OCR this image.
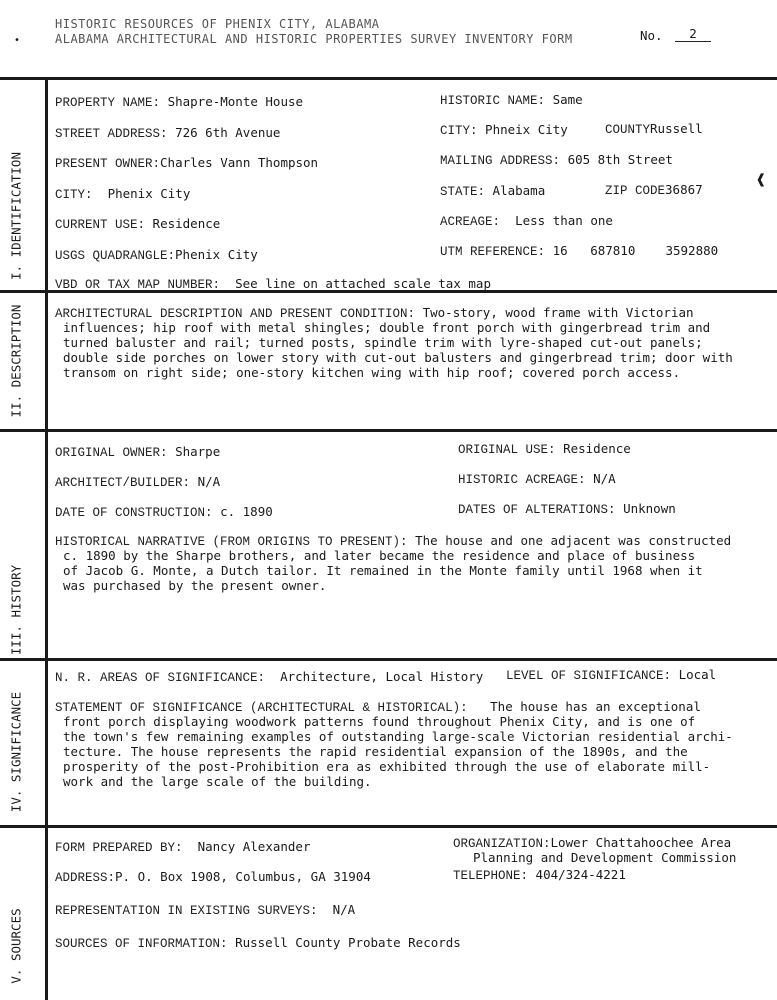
HISTORIC RESOURCES OF PHENIX CITY, ALABAMA
ALABAMA ARCHITECTURAL AND HISTORIC PROPERTIES SURVEY INVENTORY FORM
•	No.	2
I. IDENTIFICATION
II. DESCRIPTION
III. HISTORY
IV. SIGNIFICANCE
V. SOURCES
PROPERTY NAME: Shapre-Monte House	HISTORIC NAME: Same
STREET ADDRESS: 726 6th Avenue	CITY: Phneix City	COUNTYRussell
PRESENT OWNER:Charles Vann Thompson	MAILING ADDRESS: 605 8th Street
CITY: Phenix City	STATE: Alabama	ZIP CODE36867
❰
CURRENT USE: Residence	ACREAGE: Less than one
USGS QUADRANGLE:Phenix City	UTM REFERENCE: 16 687810 3592880
VBD OR TAX MAP NUMBER: See line on attached scale tax map
ARCHITECTURAL DESCRIPTION AND PRESENT CONDITION: Two-story, wood frame with Victorian
influences; hip roof with metal shingles; double front porch with gingerbread trim and
turned baluster and rail; turned posts, spindle trim with lyre-shaped cut-out panels;
double side porches on lower story with cut-out balusters and gingerbread trim; door with
transom on right side; one-story kitchen wing with hip roof; covered porch access.
ORIGINAL OWNER: Sharpe	ORIGINAL USE: Residence
ARCHITECT/BUILDER: N/A	HISTORIC ACREAGE: N/A
DATE OF CONSTRUCTION: c. 1890	DATES OF ALTERATIONS: Unknown
HISTORICAL NARRATIVE (FROM ORIGINS TO PRESENT): The house and one adjacent was constructed
c. 1890 by the Sharpe brothers, and later became the residence and place of business
of Jacob G. Monte, a Dutch tailor. It remained in the Monte family until 1968 when it
was purchased by the present owner.
N. R. AREAS OF SIGNIFICANCE: Architecture, Local History LEVEL OF SIGNIFICANCE: Local
STATEMENT OF SIGNIFICANCE (ARCHITECTURAL & HISTORICAL): The house has an exceptional
front porch displaying woodwork patterns found throughout Phenix City, and is one of
the town's few remaining examples of outstanding large-scale Victorian residential archi-
tecture. The house represents the rapid residential expansion of the 1890s, and the
prosperity of the post-Prohibition era as exhibited through the use of elaborate mill-
work and the large scale of the building.
FORM PREPARED BY: Nancy Alexander	ORGANIZATION:Lower Chattahoochee Area
Planning and Development Commission
ADDRESS:P. O. Box 1908, Columbus, GA 31904	TELEPHONE: 404/324-4221
REPRESENTATION IN EXISTING SURVEYS: N/A
SOURCES OF INFORMATION: Russell County Probate Records
